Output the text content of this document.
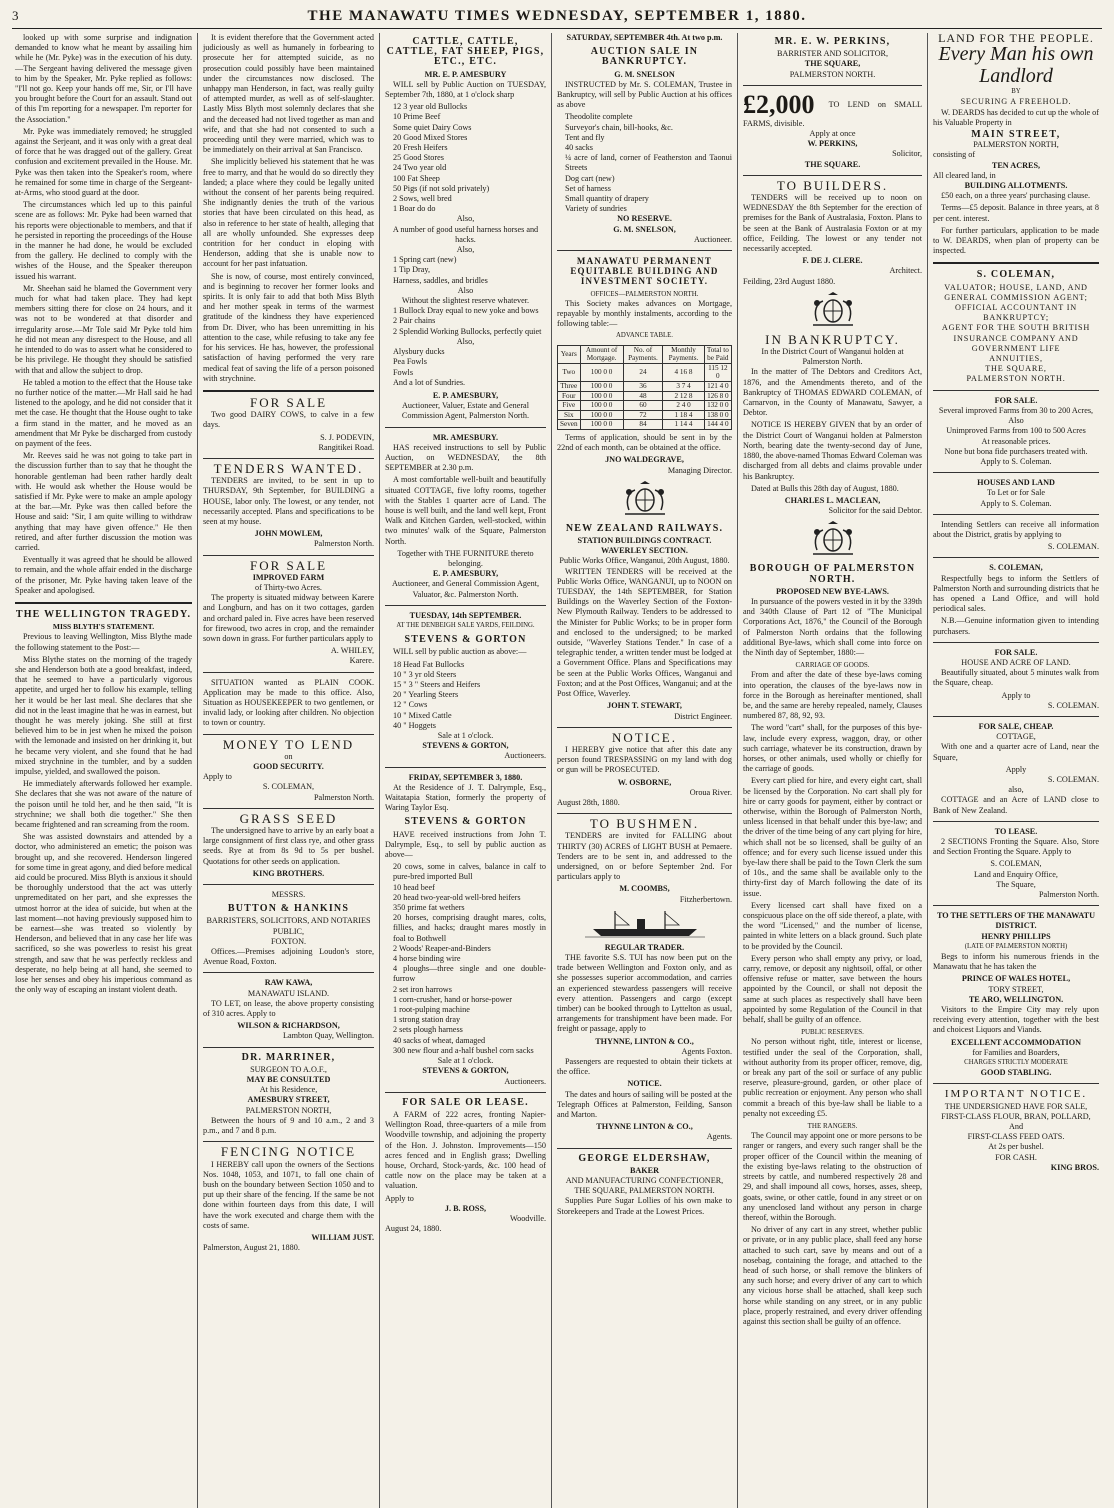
3	THE MANAWATU TIMES WEDNESDAY, SEPTEMBER 1, 1880.

looked up with some surprise and indignation demanded to know what he meant by assailing him while he (Mr. Pyke) was in the execution of his duty.—The Sergeant having delivered the message given to him by the Speaker, Mr. Pyke replied as follows: "I'll not go. Keep your hands off me, Sir, or I'll have you brought before the Court for an assault. Stand out of this I'm reporting for a newspaper. I'm reporter for the Association."

Mr. Pyke was immediately removed; he struggled against the Serjeant, and it was only with a great deal of force that he was dragged out of the gallery. Great confusion and excitement prevailed in the House. Mr. Pyke was then taken into the Speaker's room, where he remained for some time in charge of the Sergeant-at-Arms, who stood guard at the door.

The circumstances which led up to this painful scene are as follows: Mr. Pyke had been warned that his reports were objectionable to members, and that if he persisted in reporting the proceedings of the House in the manner he had done, he would be excluded from the gallery. He declined to comply with the wishes of the House, and the Speaker thereupon issued his warrant.

Mr. Sheehan said he blamed the Government very much for what had taken place. They had kept members sitting there for close on 24 hours, and it was not to be wondered at that disorder and irregularity arose.—Mr Tole said Mr Pyke told him he did not mean any disrespect to the House, and all he intended to do was to assert what he considered to be his privilege. He thought they should be satisfied with that and allow the subject to drop.

He tabled a motion to the effect that the House take no further notice of the matter.—Mr Hall said he had listened to the apology, and he did not consider that it met the case. He thought that the House ought to take a firm stand in the matter, and he moved as an amendment that Mr Pyke be discharged from custody on payment of the fees.

Mr. Reeves said he was not going to take part in the discussion further than to say that he thought the honorable gentleman had been rather hardly dealt with. He would ask whether the House would be satisfied if Mr. Pyke were to make an ample apology at the bar.—Mr. Pyke was then called before the House and said: "Sir, I am quite willing to withdraw anything that may have given offence." He then retired, and after further discussion the motion was carried.

Eventually it was agreed that he should be allowed to remain, and the whole affair ended in the discharge of the prisoner, Mr. Pyke having taken leave of the Speaker and apologised.

THE WELLINGTON TRAGEDY.
MISS BLYTH'S STATEMENT.

Previous to leaving Wellington, Miss Blythe made the following statement to the Post:—

Miss Blythe states on the morning of the tragedy she and Henderson both ate a good breakfast, indeed, that he seemed to have a particularly vigorous appetite, and urged her to follow his example, telling her it would be her last meal. She declares that she did not in the least imagine that he was in earnest, but thought he was merely joking. She still at first believed him to be in jest when he mixed the poison with the lemonade and insisted on her drinking it, but he became very violent, and she found that he had mixed strychnine in the tumbler, and by a sudden impulse, yielded, and swallowed the poison.

He immediately afterwards followed her example. She declares that she was not aware of the nature of the poison until he told her, and he then said, "It is strychnine; we shall both die together." She then became frightened and ran screaming from the room.

She was assisted downstairs and attended by a doctor, who administered an emetic; the poison was brought up, and she recovered. Henderson lingered for some time in great agony, and died before medical aid could be procured. Miss Blyth is anxious it should be thoroughly understood that the act was utterly unpremeditated on her part, and she expresses the utmost horror at the idea of suicide, but when at the last moment—not having previously supposed him to be earnest—she was treated so violently by Henderson, and believed that in any case her life was sacrificed, so she was powerless to resist his great strength, and saw that he was perfectly reckless and desperate, no help being at all hand, she seemed to lose her senses and obey his imperious command as the only way of escaping an instant violent death.

It is evident therefore that the Government acted judiciously as well as humanely in forbearing to prosecute her for attempted suicide, as no prosecution could possibly have been maintained under the circumstances now disclosed. The unhappy man Henderson, in fact, was really guilty of attempted murder, as well as of self-slaughter. Lastly Miss Blyth most solemnly declares that she and the deceased had not lived together as man and wife, and that she had not consented to such a proceeding until they were married, which was to be immediately on their arrival at San Francisco.

She implicitly believed his statement that he was free to marry, and that he would do so directly they landed; a place where they could be legally united without the consent of her parents being required. She indignantly denies the truth of the various stories that have been circulated on this head, as also in reference to her state of health, alleging that all are wholly unfounded. She expresses deep contrition for her conduct in eloping with Henderson, adding that she is unable now to account for her past infatuation.

She is now, of course, most entirely convinced, and is beginning to recover her former looks and spirits. It is only fair to add that both Miss Blyth and her mother speak in terms of the warmest gratitude of the kindness they have experienced from Dr. Diver, who has been unremitting in his attention to the case, while refusing to take any fee for his services. He has, however, the professional satisfaction of having performed the very rare medical feat of saving the life of a person poisoned with strychnine.

FOR SALE

Two good DAIRY COWS, to calve in a few days.

S. J. PODEVIN,
Rangitikei Road.
TENDERS WANTED.

TENDERS are invited, to be sent in up to THURSDAY, 9th September, for BUILDING a HOUSE, labor only. The lowest, or any tender, not necessarily accepted. Plans and specifications to be seen at my house.

JOHN MOWLEM,
Palmerston North.
FOR SALE
IMPROVED FARM
of Thirty-two Acres.

The property is situated midway between Karere and Longburn, and has on it two cottages, garden and orchard paled in. Five acres have been reserved for firewood, two acres in crop, and the remainder sown down in grass. For further particulars apply to

A. WHILEY,
Karere.

SITUATION wanted as PLAIN COOK. Application may be made to this office. Also, Situation as HOUSEKEEPER to two gentlemen, or invalid lady, or looking after children. No objection to town or country.

MONEY TO LEND
on
GOOD SECURITY.
Apply to
S. COLEMAN,
Palmerston North.
GRASS SEED

The undersigned have to arrive by an early boat a large consignment of first class rye, and other grass seeds. Rye at from 8s 9d to 5s per bushel. Quotations for other seeds on application.

KING BROTHERS.
MESSRS.
BUTTON & HANKINS
BARRISTERS, SOLICITORS, AND NOTARIES PUBLIC,
FOXTON.

Offices.—Premises adjoining Loudon's store, Avenue Road, Foxton.

RAW KAWA,
MANAWATU ISLAND.

TO LET, on lease, the above property consisting of 310 acres. Apply to

WILSON & RICHARDSON,
Lambton Quay, Wellington.
DR. MARRINER,
SURGEON TO A.O.F.,
MAY BE CONSULTED
At his Residence,
AMESBURY STREET,
PALMERSTON NORTH,

Between the hours of 9 and 10 a.m., 2 and 3 p.m., and 7 and 8 p.m.

FENCING NOTICE

I HEREBY call upon the owners of the Sections Nos. 1048, 1053, and 1071, to fall one chain of bush on the boundary between Section 1050 and to put up their share of the fencing. If the same be not done within fourteen days from this date, I will have the work executed and charge them with the costs of same.

WILLIAM JUST.
Palmerston, August 21, 1880.
CATTLE, CATTLE, CATTLE, FAT SHEEP, PIGS, ETC., ETC.
MR. E. P. AMESBURY

WILL sell by Public Auction on TUESDAY, September 7th, 1880, at 1 o'clock sharp

12 3 year old Bullocks
10 Prime Beef
Some quiet Dairy Cows
20 Good Mixed Stores
20 Fresh Heifers
25 Good Stores
24 Two year old
100 Fat Sheep
50 Pigs (if not sold privately)
2 Sows, well bred
1 Boar do do
Also,
A number of good useful harness horses and hacks.
Also,
1 Spring cart (new)
1 Tip Dray,
Harness, saddles, and bridles
Also
Without the slightest reserve whatever.
1 Bullock Dray equal to new yoke and bows
2 Pair chains
2 Splendid Working Bullocks, perfectly quiet
Also,
Alysbury ducks
Pea Fowls
Fowls
And a lot of Sundries.
E. P. AMESBURY,
Auctioneer, Valuer, Estate and General Commission Agent, Palmerston North.
MR. AMESBURY.

HAS received instructions to sell by Public Auction, on WEDNESDAY, the 8th SEPTEMBER at 2.30 p.m.

A most comfortable well-built and beautifully situated COTTAGE, five lofty rooms, together with the Stables 1 quarter acre of Land. The house is well built, and the land well kept, Front Walk and Kitchen Garden, well-stocked, within two minutes' walk of the Square, Palmerston North.

Together with THE FURNITURE thereto belonging.
E. P. AMESBURY,
Auctioneer, and General Commission Agent, Valuator, &c. Palmerston North.
TUESDAY, 14th SEPTEMBER.
AT THE DENBEIGH SALE YARDS, FEILDING.
STEVENS & GORTON

WILL sell by public auction as above:—

18 Head Fat Bullocks
10 " 3 yr old Steers
15 " 3 " Steers and Heifers
20 " Yearling Steers
12 " Cows
10 " Mixed Cattle
40 " Hoggets
Sale at 1 o'clock.
STEVENS & GORTON,
Auctioneers.
FRIDAY, SEPTEMBER 3, 1880.

At the Residence of J. T. Dalrymple, Esq., Waitatapia Station, formerly the property of Waring Taylor Esq.

STEVENS & GORTON

HAVE received instructions from John T. Dalrymple, Esq., to sell by public auction as above—

20 cows, some in calves, balance in calf to pure-bred imported Bull
10 head beef
20 head two-year-old well-bred heifers
350 prime fat wethers
20 horses, comprising draught mares, colts, fillies, and hacks; draught mares mostly in foal to Bothwell
2 Woods' Reaper-and-Binders
4 horse binding wire
4 ploughs—three single and one double-furrow
2 set iron harrows
1 corn-crusher, hand or horse-power
1 root-pulping machine
1 strong station dray
2 sets plough harness
40 sacks of wheat, damaged
300 new flour and a-half bushel corn sacks
Sale at 1 o'clock.
STEVENS & GORTON,
Auctioneers.
FOR SALE OR LEASE.

A FARM of 222 acres, fronting Napier-Wellington Road, three-quarters of a mile from Woodville township, and adjoining the property of the Hon. J. Johnston. Improvements—150 acres fenced and in English grass; Dwelling house, Orchard, Stock-yards, &c. 100 head of cattle now on the place may be taken at a valuation.

Apply to
J. B. ROSS,
Woodville.
August 24, 1880.
SATURDAY, SEPTEMBER 4th. At two p.m.
AUCTION SALE IN BANKRUPTCY.
G. M. SNELSON

INSTRUCTED by Mr. S. COLEMAN, Trustee in Bankruptcy, will sell by Public Auction at his offices as above

Theodolite complete
Surveyor's chain, bill-hooks, &c.
Tent and fly
40 sacks
¼ acre of land, corner of Featherston and Taonui Streets
Dog cart (new)
Set of harness
Small quantity of drapery
Variety of sundries
NO RESERVE.
G. M. SNELSON,
Auctioneer.
MANAWATU PERMANENT EQUITABLE BUILDING AND INVESTMENT SOCIETY.
OFFICES—PALMERSTON NORTH.

This Society makes advances on Mortgage, repayable by monthly instalments, according to the following table:—

ADVANCE TABLE.
Years	Amount of Mortgage.	No. of Payments.	Monthly Payments.	Total to be Paid
Two	100 0 0	24	4 16 8	115 12 0
Three	100 0 0	36	3 7 4	121 4 0
Four	100 0 0	48	2 12 8	126 8 0
Five	100 0 0	60	2 4 0	132 0 0
Six	100 0 0	72	1 18 4	138 0 0
Seven	100 0 0	84	1 14 4	144 4 0

Terms of application, should be sent in by the 22nd of each month, can be obtained at the office.

JNO WALDEGRAVE,
Managing Director.
NEW ZEALAND RAILWAYS.
STATION BUILDINGS CONTRACT.
WAVERLEY SECTION.
Public Works Office, Wanganui, 20th August, 1880.

WRITTEN TENDERS will be received at the Public Works Office, WANGANUI, up to NOON on TUESDAY, the 14th SEPTEMBER, for Station Buildings on the Waverley Section of the Foxton-New Plymouth Railway. Tenders to be addressed to the Minister for Public Works; to be in proper form and enclosed to the undersigned; to be marked outside, "Waverley Stations Tender." In case of a telegraphic tender, a written tender must be lodged at a Government Office. Plans and Specifications may be seen at the Public Works Offices, Wanganui and Foxton; and at the Post Offices, Wanganui; and at the Post Office, Waverley.

JOHN T. STEWART,
District Engineer.
NOTICE.

I HEREBY give notice that after this date any person found TRESPASSING on my land with dog or gun will be PROSECUTED.

W. OSBORNE,
Oroua River.
August 28th, 1880.
TO BUSHMEN.

TENDERS are invited for FALLING about THIRTY (30) ACRES of LIGHT BUSH at Pemaere. Tenders are to be sent in, and addressed to the undersigned, on or before September 2nd. For particulars apply to

M. COOMBS,
Fitzherbertown.
REGULAR TRADER.

THE favorite S.S. TUI has now been put on the trade between Wellington and Foxton only, and as she possesses superior accommodation, and carries an experienced stewardess passengers will receive every attention. Passengers and cargo (except timber) can be booked through to Lyttelton as usual, arrangements for transhipment have been made. For freight or passage, apply to

THYNNE, LINTON & CO.,
Agents Foxton.

Passengers are requested to obtain their tickets at the office.

NOTICE.

The dates and hours of sailing will be posted at the Telegraph Offices at Palmerston, Feilding, Sanson and Marton.

THYNNE LINTON & CO.,
Agents.
GEORGE ELDERSHAW,
BAKER
AND MANUFACTURING CONFECTIONER,
THE SQUARE, PALMERSTON NORTH.

Supplies Pure Sugar Lollies of his own make to Storekeepers and Trade at the Lowest Prices.

MR. E. W. PERKINS,
BARRISTER AND SOLICITOR,
THE SQUARE,
PALMERSTON NORTH.
£2,000 TO LEND on SMALL FARMS, divisible.
Apply at once
W. PERKINS,
Solicitor,
THE SQUARE.
TO BUILDERS.

TENDERS will be received up to noon on WEDNESDAY the 8th September for the erection of premises for the Bank of Australasia, Foxton. Plans to be seen at the Bank of Australasia Foxton or at my office, Feilding. The lowest or any tender not necessarily accepted.

F. DE J. CLERE.
Architect.
Feilding, 23rd August 1880.
IN BANKRUPTCY.
In the District Court of Wanganui holden at Palmerston North.

In the matter of The Debtors and Creditors Act, 1876, and the Amendments thereto, and of the Bankruptcy of THOMAS EDWARD COLEMAN, of Carnarvon, in the County of Manawatu, Sawyer, a Debtor.

NOTICE IS HEREBY GIVEN that by an order of the District Court of Wanganui holden at Palmerston North, bearing date the twenty-second day of June, 1880, the above-named Thomas Edward Coleman was discharged from all debts and claims provable under his Bankruptcy.

Dated at Bulls this 28th day of August, 1880.

CHARLES L. MACLEAN,
Solicitor for the said Debtor.
BOROUGH OF PALMERSTON NORTH.
PROPOSED NEW BYE-LAWS.

In pursuance of the powers vested in it by the 339th and 340th Clause of Part 12 of "The Municipal Corporations Act, 1876," the Council of the Borough of Palmerston North ordains that the following additional Bye-laws, which shall come into force on the Ninth day of September, 1880:—

CARRIAGE OF GOODS.

From and after the date of these bye-laws coming into operation, the clauses of the bye-laws now in force in the Borough as hereinafter mentioned, shall be, and the same are hereby repealed, namely, Clauses numbered 87, 88, 92, 93.

The word "cart" shall, for the purposes of this bye-law, include every express, waggon, dray, or other such carriage, whatever be its construction, drawn by horses, or other animals, used wholly or chiefly for the carriage of goods.

Every cart plied for hire, and every eight cart, shall be licensed by the Corporation. No cart shall ply for hire or carry goods for payment, either by contract or otherwise, within the Borough of Palmerston North, unless licensed in that behalf under this bye-law; and the driver of the time being of any cart plying for hire, which shall not be so licensed, shall be guilty of an offence; and for every such license issued under this bye-law there shall be paid to the Town Clerk the sum of 10s., and the same shall be available only to the thirty-first day of March following the date of its issue.

Every licensed cart shall have fixed on a conspicuous place on the off side thereof, a plate, with the word "Licensed," and the number of license, painted in white letters on a black ground. Such plate to be provided by the Council.

Every person who shall empty any privy, or load, carry, remove, or deposit any nightsoil, offal, or other offensive refuse or matter, save between the hours appointed by the Council, or shall not deposit the same at such places as respectively shall have been appointed by some Regulation of the Council in that behalf, shall be guilty of an offence.

PUBLIC RESERVES.

No person without right, title, interest or license, testified under the seal of the Corporation, shall, without authority from its proper officer, remove, dig, or break any part of the soil or surface of any public reserve, pleasure-ground, garden, or other place of public recreation or enjoyment. Any person who shall commit a breach of this bye-law shall be liable to a penalty not exceeding £5.

THE RANGERS.

The Council may appoint one or more persons to be ranger or rangers, and every such ranger shall be the proper officer of the Council within the meaning of the existing bye-laws relating to the obstruction of streets by cattle, and numbered respectively 28 and 29, and shall impound all cows, horses, asses, sheep, goats, swine, or other cattle, found in any street or on any unenclosed land without any person in charge thereof, within the Borough.

No driver of any cart in any street, whether public or private, or in any public place, shall feed any horse attached to such cart, save by means and out of a nosebag, containing the forage, and attached to the head of such horse, or shall remove the blinkers of any such horse; and every driver of any cart to which any vicious horse shall be attached, shall keep such horse while standing on any street, or in any public place, properly restrained, and every driver offending against this section shall be guilty of an offence.

LAND FOR THE PEOPLE.
Every Man his own Landlord
BY
SECURING A FREEHOLD.

W. DEARDS has decided to cut up the whole of his Valuable Property in

MAIN STREET,
PALMERSTON NORTH,
consisting of
TEN ACRES,
All cleared land, in
BUILDING ALLOTMENTS.

£50 each, on a three years' purchasing clause.

Terms—£5 deposit. Balance in three years, at 8 per cent. interest.

For further particulars, application to be made to W. DEARDS, when plan of property can be inspected.

S. COLEMAN,
VALUATOR; HOUSE, LAND, AND
GENERAL COMMISSION AGENT;
OFFICIAL ACCOUNTANT IN BANKRUPTCY;
AGENT FOR THE SOUTH BRITISH
INSURANCE COMPANY AND
GOVERNMENT LIFE
ANNUITIES,
THE SQUARE,
PALMERSTON NORTH.
FOR SALE.
Several improved Farms from 30 to 200 Acres,
Also
Unimproved Farms from 100 to 500 Acres
At reasonable prices.
None but bona fide purchasers treated with.
Apply to S. Coleman.
HOUSES AND LAND
To Let or for Sale
Apply to S. Coleman.

Intending Settlers can receive all information about the District, gratis by applying to

S. COLEMAN.
S. COLEMAN,

Respectfully begs to inform the Settlers of Palmerston North and surrounding districts that he has opened a Land Office, and will hold periodical sales.

N.B.—Genuine information given to intending purchasers.

FOR SALE.
HOUSE AND ACRE OF LAND.

Beautifully situated, about 5 minutes walk from the Square, cheap.

Apply to
S. COLEMAN.
FOR SALE, CHEAP.
COTTAGE,

With one and a quarter acre of Land, near the Square,

Apply
S. COLEMAN.
also,

COTTAGE and an Acre of LAND close to Bank of New Zealand.

TO LEASE.

2 SECTIONS Fronting the Square. Also, Store and Section Fronting the Square. Apply to

S. COLEMAN,
Land and Enquiry Office,
The Square,
Palmerston North.
TO THE SETTLERS OF THE MANAWATU DISTRICT.
HENRY PHILLIPS
(LATE OF PALMERSTON NORTH)

Begs to inform his numerous friends in the Manawatu that he has taken the

PRINCE OF WALES HOTEL,
TORY STREET,
TE ARO, WELLINGTON.

Visitors to the Empire City may rely upon receiving every attention, together with the best and choicest Liquors and Viands.

EXCELLENT ACCOMMODATION
for Families and Boarders,
CHARGES STRICTLY MODERATE
GOOD STABLING.
IMPORTANT NOTICE.
THE UNDERSIGNED HAVE FOR SALE,
FIRST-CLASS FLOUR, BRAN, POLLARD,
And
FIRST-CLASS FEED OATS.
At 2s per bushel.
FOR CASH.
KING BROS.
